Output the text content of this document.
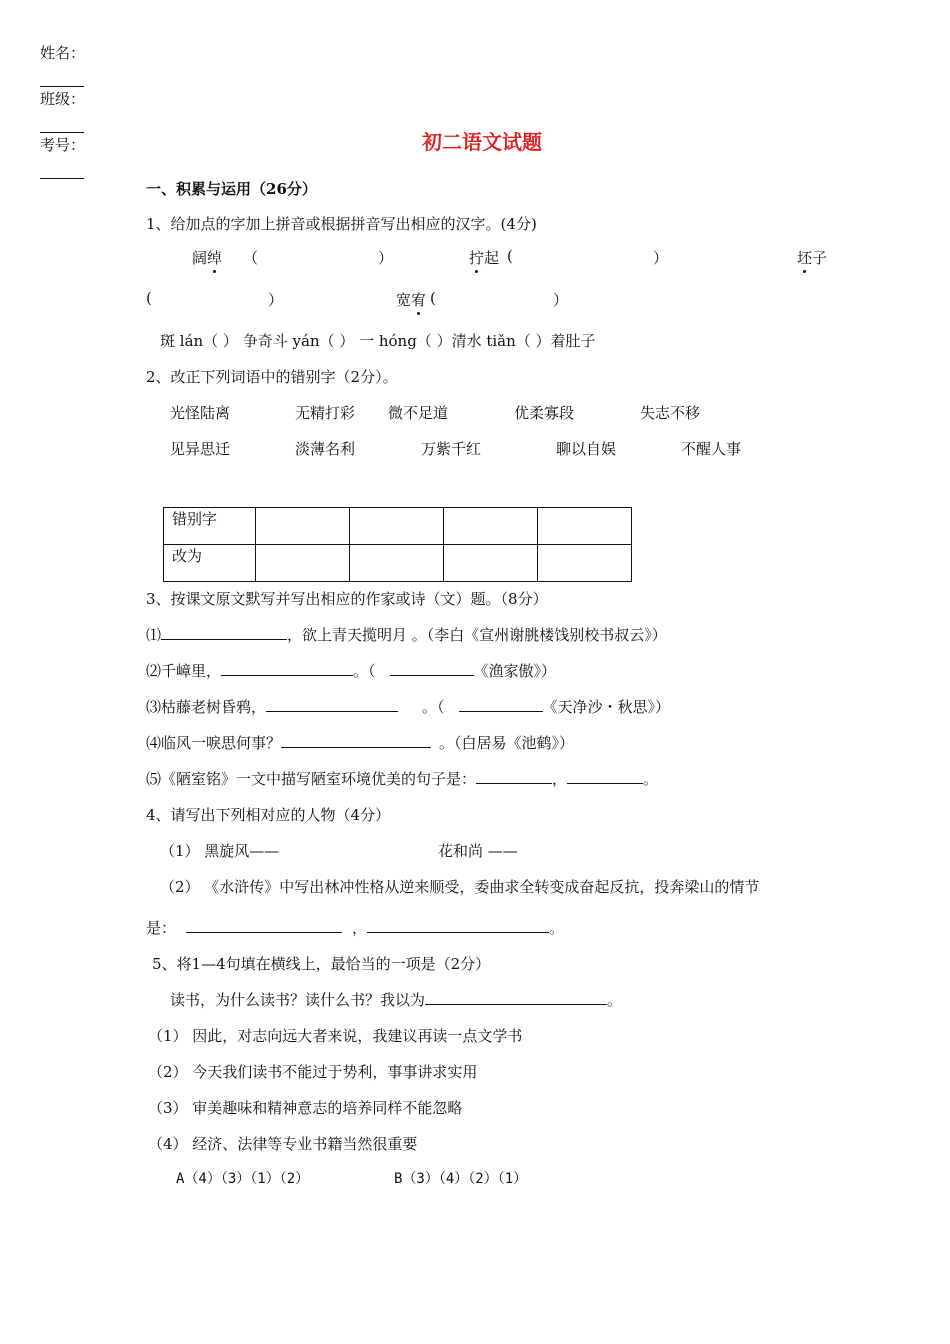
姓名：
班级：
考号：	初二语文试题
一、积累与运用（26分）
1、给加点的字加上拼音或根据拼音写出相应的汉字。(4分)
阔绰 （	）	拧起 (	）	坯子
(	）	宽宥 (	）
斑 lán（ ） 争奇斗 yán（ ） 一 hóng（ ）清水 tiǎn（ ）着肚子
2、改正下列词语中的错别字（2分）。
光怪陆离	无精打彩 微不足道	优柔寡段	失志不移
见异思迁	淡薄名利	万紫千红	聊以自娱	不醒人事
错别字				
改为				
3、按课文原文默写并写出相应的作家或诗（文）题。（8分）
⑴	，欲上青天揽明月 。（李白《宣州谢朓楼饯别校书叔云》）
⑵千嶂里，	。（	《渔家傲》）
⑶枯藤老树昏鸦，	。（	《天净沙・秋思》）
⑷临风一唳思何事？	。（白居易《池鹤》）
⑸《陋室铭》一文中描写陋室环境优美的句子是：	，	。
4、请写出下列相对应的人物（4分）
（1） 黑旋风——	花和尚 ——
（2） 《水浒传》中写出林冲性格从逆来顺受，委曲求全转变成奋起反抗，投奔梁山的情节
是：	，	。
5、将1—4句填在横线上，最恰当的一项是（2分）
读书，为什么读书？读什么书？我以为	。
（1） 因此，对志向远大者来说，我建议再读一点文学书
（2） 今天我们读书不能过于势利，事事讲求实用
（3） 审美趣味和精神意志的培养同样不能忽略
（4） 经济、法律等专业书籍当然很重要
A（4）（3）（1）（2）	B（3）（4）（2）（1）
